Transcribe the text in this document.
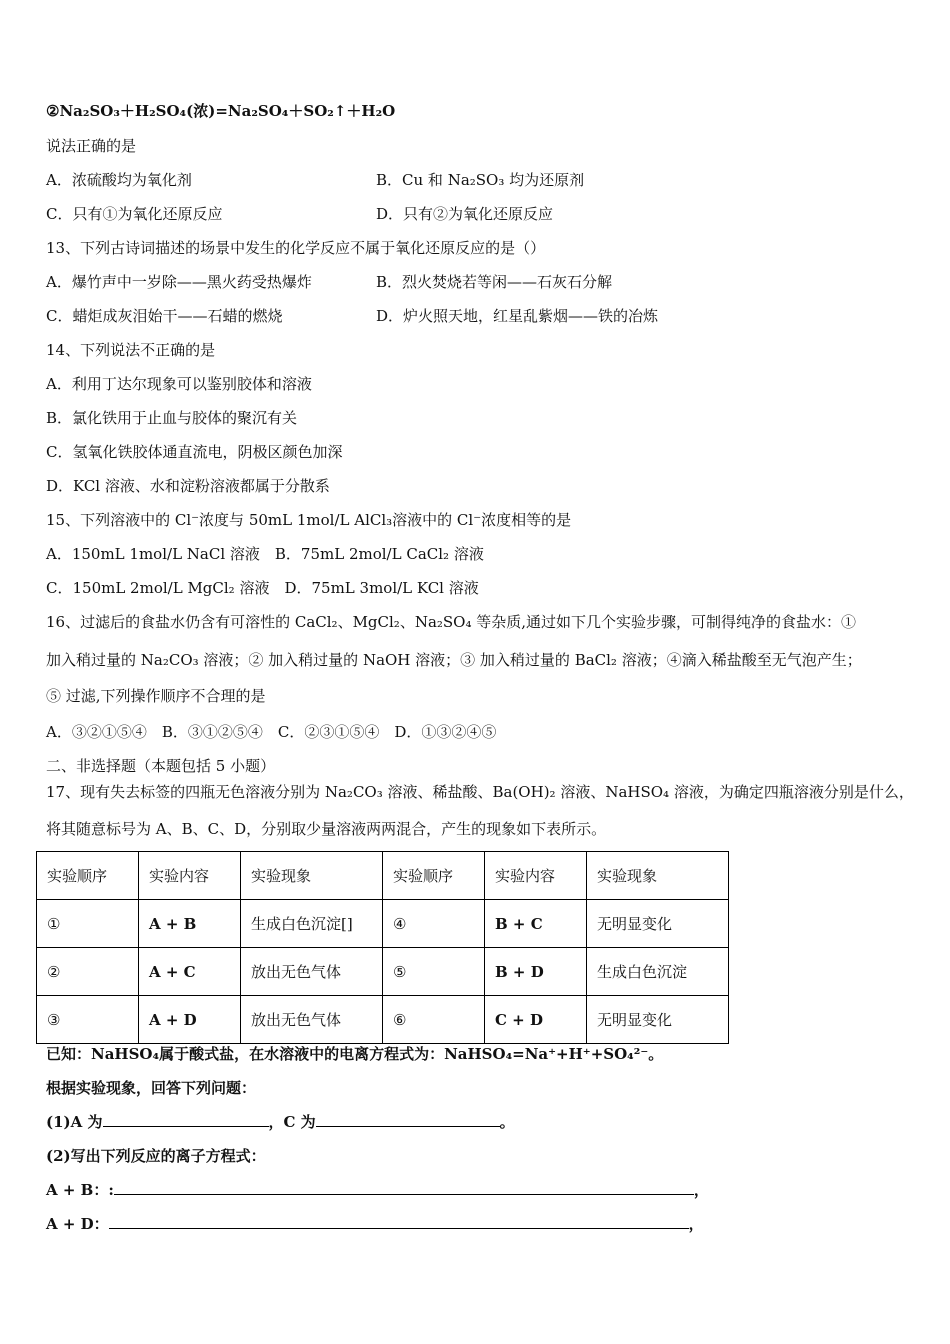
②Na₂SO₃＋H₂SO₄(浓)=Na₂SO₄＋SO₂↑＋H₂O
说法正确的是
A．浓硫酸均为氧化剂	B．Cu 和 Na₂SO₃ 均为还原剂
C．只有①为氧化还原反应	D．只有②为氧化还原反应
13、下列古诗词描述的场景中发生的化学反应不属于氧化还原反应的是（）
A．爆竹声中一岁除——黑火药受热爆炸	B．烈火焚烧若等闲——石灰石分解
C．蜡炬成灰泪始干——石蜡的燃烧	D．炉火照天地，红星乱紫烟——铁的冶炼
14、下列说法不正确的是
A．利用丁达尔现象可以鉴别胶体和溶液
B．氯化铁用于止血与胶体的聚沉有关
C．氢氧化铁胶体通直流电，阴极区颜色加深
D．KCl 溶液、水和淀粉溶液都属于分散系
15、下列溶液中的 Cl⁻浓度与 50mL 1mol/L AlCl₃溶液中的 Cl⁻浓度相等的是
A．150mL 1mol/L NaCl 溶液　B．75mL 2mol/L CaCl₂ 溶液
C．150mL 2mol/L MgCl₂ 溶液　D．75mL 3mol/L KCl 溶液
16、过滤后的食盐水仍含有可溶性的 CaCl₂、MgCl₂、Na₂SO₄ 等杂质,通过如下几个实验步骤，可制得纯净的食盐水：①
加入稍过量的 Na₂CO₃ 溶液；② 加入稍过量的 NaOH 溶液；③ 加入稍过量的 BaCl₂ 溶液；④滴入稀盐酸至无气泡产生；
⑤ 过滤,下列操作顺序不合理的是
A．③②①⑤④　B．③①②⑤④　C．②③①⑤④　D．①③②④⑤
二、非选择题（本题包括 5 小题）
17、现有失去标签的四瓶无色溶液分别为 Na₂CO₃ 溶液、稀盐酸、Ba(OH)₂ 溶液、NaHSO₄ 溶液，为确定四瓶溶液分别是什么，
将其随意标号为 A、B、C、D，分别取少量溶液两两混合，产生的现象如下表所示。
实验顺序	实验内容	实验现象	实验顺序	实验内容	实验现象
①	A + B	生成白色沉淀[]	④	B + C	无明显变化
②	A + C	放出无色气体	⑤	B + D	生成白色沉淀
③	A + D	放出无色气体	⑥	C + D	无明显变化
已知：NaHSO₄属于酸式盐，在水溶液中的电离方程式为：NaHSO₄=Na⁺+H⁺+SO₄²⁻。
根据实验现象，回答下列问题：
(1)A 为	，C 为	。
(2)写出下列反应的离子方程式：
A + B：:	，
A + D：	，
